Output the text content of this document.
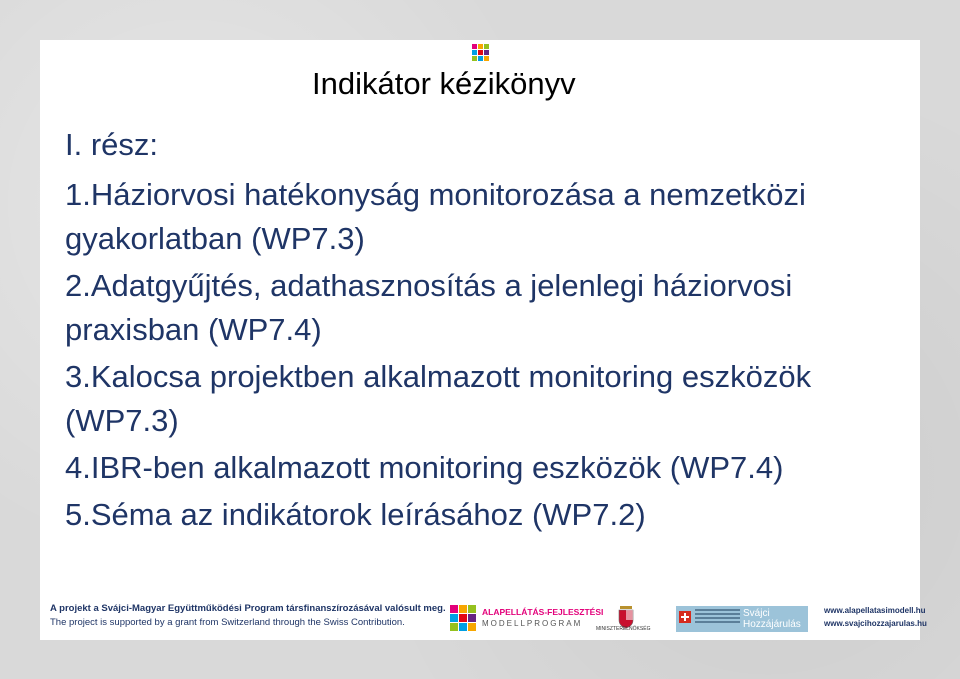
Indikátor kézikönyv
I. rész:
1.Háziorvosi hatékonyság monitorozása a nemzetközi gyakorlatban (WP7.3)
2.Adatgyűjtés, adathasznosítás a jelenlegi háziorvosi praxisban (WP7.4)
3.Kalocsa projektben alkalmazott monitoring eszközök (WP7.3)
4.IBR-ben alkalmazott monitoring eszközök (WP7.4)
5.Séma az indikátorok leírásához (WP7.2)
A projekt a Svájci-Magyar Együttműködési Program társfinanszírozásával valósult meg.
The project is supported by a grant from Switzerland through the Swiss Contribution.
ALAPELLÁTÁS-FEJLESZTÉSI
MODELLPROGRAM
MINISZTERELNÖKSÉG
Svájci
Hozzájárulás
www.alapellatasimodell.hu
www.svajcihozzajarulas.hu
